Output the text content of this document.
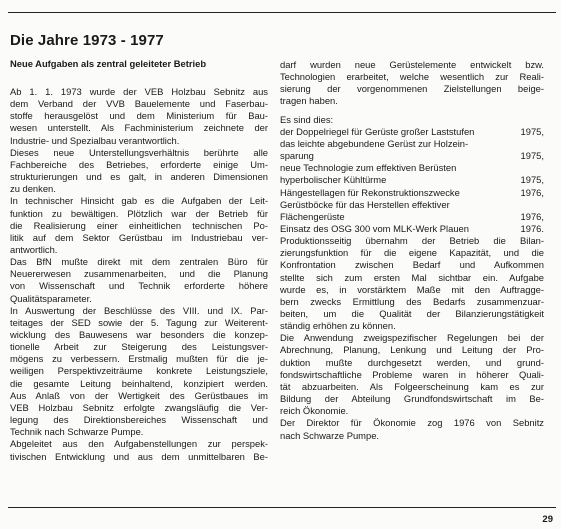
Die Jahre 1973 - 1977
Neue Aufgaben als zentral geleiteter Betrieb
Ab 1. 1. 1973 wurde der VEB Holzbau Sebnitz aus
dem Verband der VVB Bauelemente und Faserbau-
stoffe herausgelöst und dem Ministerium für Bau-
wesen unterstellt. Als Fachministerium zeichnete der
Industrie- und Spezialbau verantwortlich.
Dieses neue Unterstellungsverhältnis berührte alle
Fachbereiche des Betriebes, erforderte einige Um-
strukturierungen und es galt, in anderen Dimensionen
zu denken.
In technischer Hinsicht gab es die Aufgaben der Leit-
funktion zu bewältigen. Plötzlich war der Betrieb für
die Realisierung einer einheitlichen technischen Po-
litik auf dem Sektor Gerüstbau im Industriebau ver-
antwortlich.
Das BfN mußte direkt mit dem zentralen Büro für
Neuererwesen zusammenarbeiten, und die Planung
von Wissenschaft und Technik erforderte höhere
Qualitätsparameter.
In Auswertung der Beschlüsse des VIII. und IX. Par-
teitages der SED sowie der 5. Tagung zur Weiterent-
wicklung des Bauwesens war besonders die konzep-
tionelle Arbeit zur Steigerung des Leistungsver-
mögens zu verbessern. Erstmalig mußten für die je-
weiligen Perspektivzeiträume konkrete Leistungsziele,
die gesamte Leitung beinhaltend, konzipiert werden.
Aus Anlaß von der Wertigkeit des Gerüstbaues im
VEB Holzbau Sebnitz erfolgte zwangsläufig die Ver-
legung des Direktionsbereiches Wissenschaft und
Technik nach Schwarze Pumpe.
Abgeleitet aus den Aufgabenstellungen zur perspek-
tivischen Entwicklung und aus dem unmittelbaren Be-
darf wurden neue Gerüstelemente entwickelt bzw.
Technologien erarbeitet, welche wesentlich zur Reali-
sierung der vorgenommenen Zielstellungen beige-
tragen haben.
Es sind dies:
der Doppelriegel für Gerüste großer Laststufen	1975,
das leichte abgebundene Gerüst zur Holzein-
sparung	1975,
neue Technologie zum effektiven Berüsten
hyperbolischer Kühltürme	1975,
Hängestellagen für Rekonstruktionszwecke	1976,
Gerüstböcke für das Herstellen effektiver
Flächengerüste	1976,
Einsatz des OSG 300 vom MLK-Werk Plauen	1976.
Produktionsseitig übernahm der Betrieb die Bilan-
zierungsfunktion für die eigene Kapazität, und die
Konfrontation zwischen Bedarf und Aufkommen
stellte sich zum ersten Mal sichtbar ein. Aufgabe
wurde es, in vorstärktem Maße mit den Auftragge-
bern zwecks Ermittlung des Bedarfs zusammenzuar-
beiten, um die Qualität der Bilanzierungstätigkeit
ständig erhöhen zu können.
Die Anwendung zweigspezifischer Regelungen bei der
Abrechnung, Planung, Lenkung und Leitung der Pro-
duktion mußte durchgesetzt werden, und grund-
fondswirtschaftliche Probleme waren in höherer Quali-
tät abzuarbeiten. Als Folgeerscheinung kam es zur
Bildung der Abteilung Grundfondswirtschaft im Be-
reich Ökonomie.
Der Direktor für Ökonomie zog 1976 von Sebnitz
nach Schwarze Pumpe.
29
